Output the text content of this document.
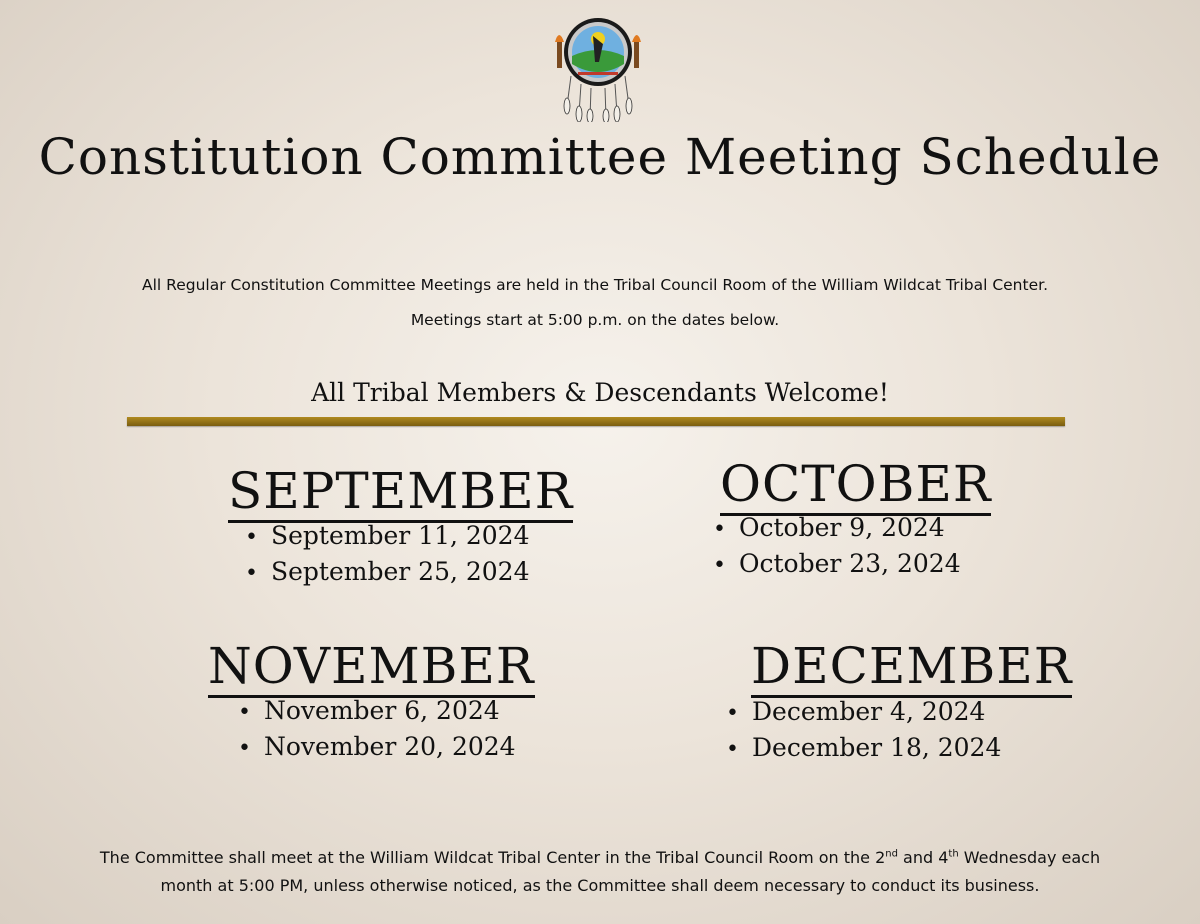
Constitution Committee Meeting Schedule
All Regular Constitution Committee Meetings are held in the Tribal Council Room of the William Wildcat Tribal Center.
Meetings start at 5:00 p.m. on the dates below.
All Tribal Members & Descendants Welcome!
SEPTEMBER
• September 11, 2024
• September 25, 2024
OCTOBER
• October 9, 2024
• October 23, 2024
NOVEMBER
• November 6, 2024
• November 20, 2024
DECEMBER
• December 4, 2024
• December 18, 2024
The Committee shall meet at the William Wildcat Tribal Center in the Tribal Council Room on the 2nd and 4th Wednesday each
month at 5:00 PM, unless otherwise noticed, as the Committee shall deem necessary to conduct its business.
